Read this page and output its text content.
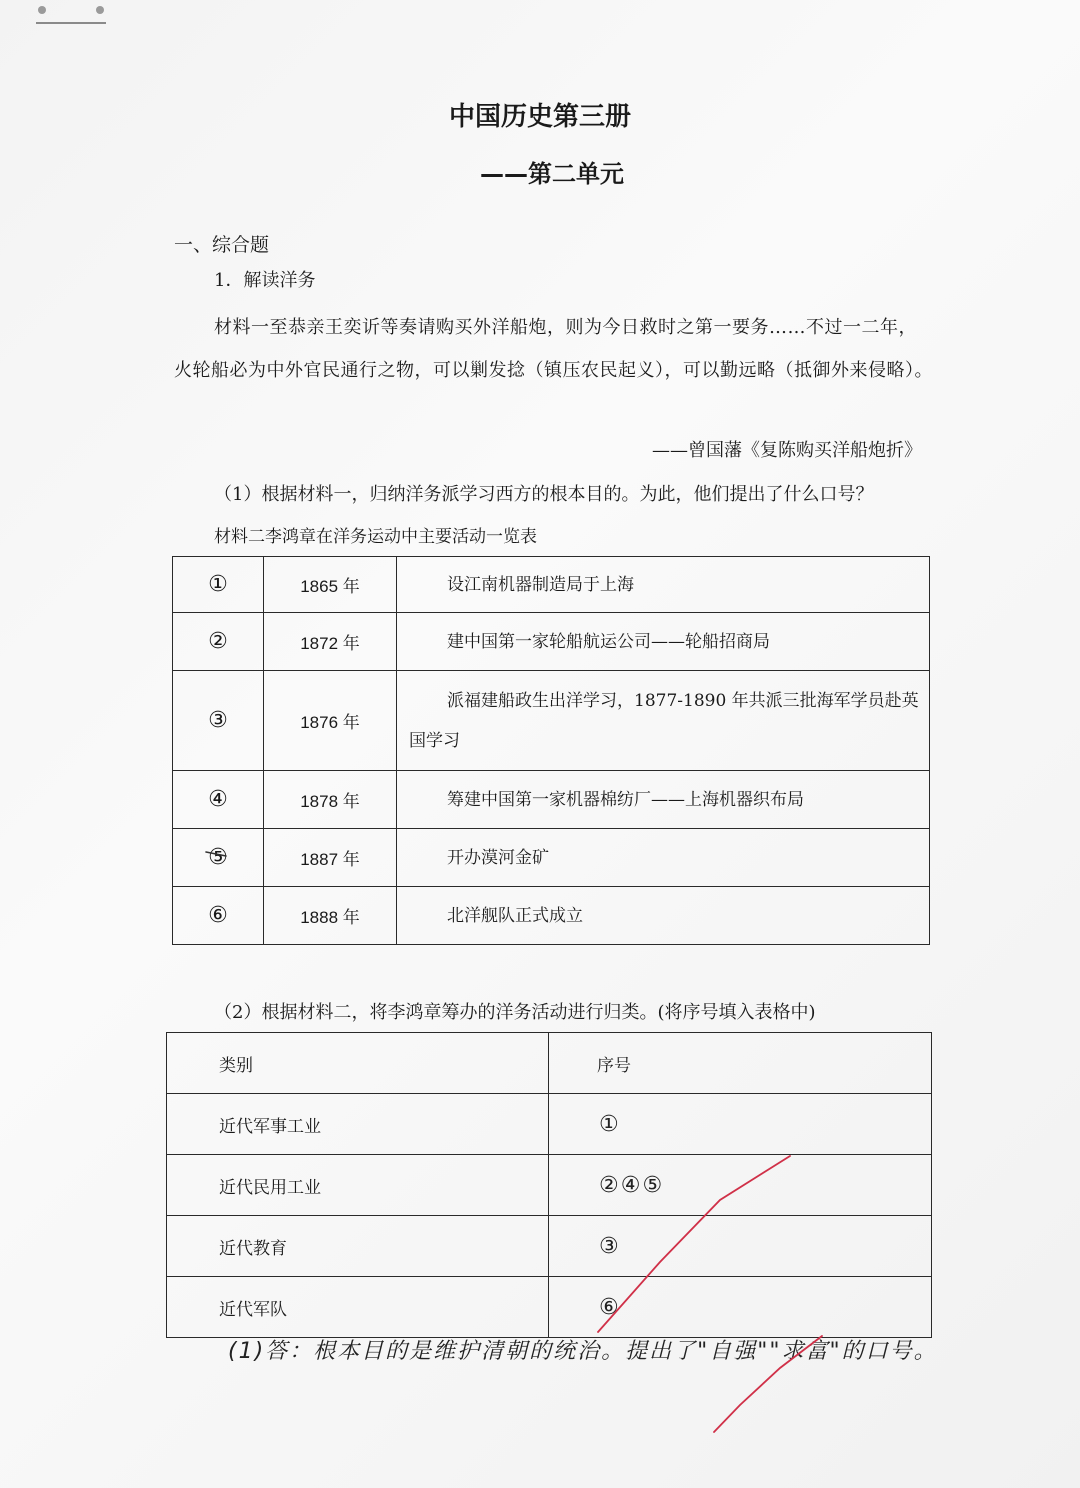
中国历史第三册
——第二单元
一、综合题
1．解读洋务
材料一至恭亲王奕䜣等奏请购买外洋船炮，则为今日救时之第一要务……不过一二年，火轮船必为中外官民通行之物，可以剿发捻（镇压农民起义），可以勤远略（抵御外来侵略）。
——曾国藩《复陈购买洋船炮折》
（1）根据材料一，归纳洋务派学习西方的根本目的。为此，他们提出了什么口号？
材料二李鸿章在洋务运动中主要活动一览表
①	1865 年	设江南机器制造局于上海
②	1872 年	建中国第一家轮船航运公司——轮船招商局
③	1876 年	派福建船政生出洋学习，1877-1890 年共派三批海军学员赴英国学习
④	1878 年	筹建中国第一家机器棉纺厂——上海机器织布局
⑤	1887 年	开办漠河金矿
⑥	1888 年	北洋舰队正式成立
（2）根据材料二，将李鸿章筹办的洋务活动进行归类。(将序号填入表格中)
类别	序号
近代军事工业	①
近代民用工业	②④⑤
近代教育	③
近代军队	⑥
(1)答：根本目的是维护清朝的统治。提出了"自强""求富"的口号。
